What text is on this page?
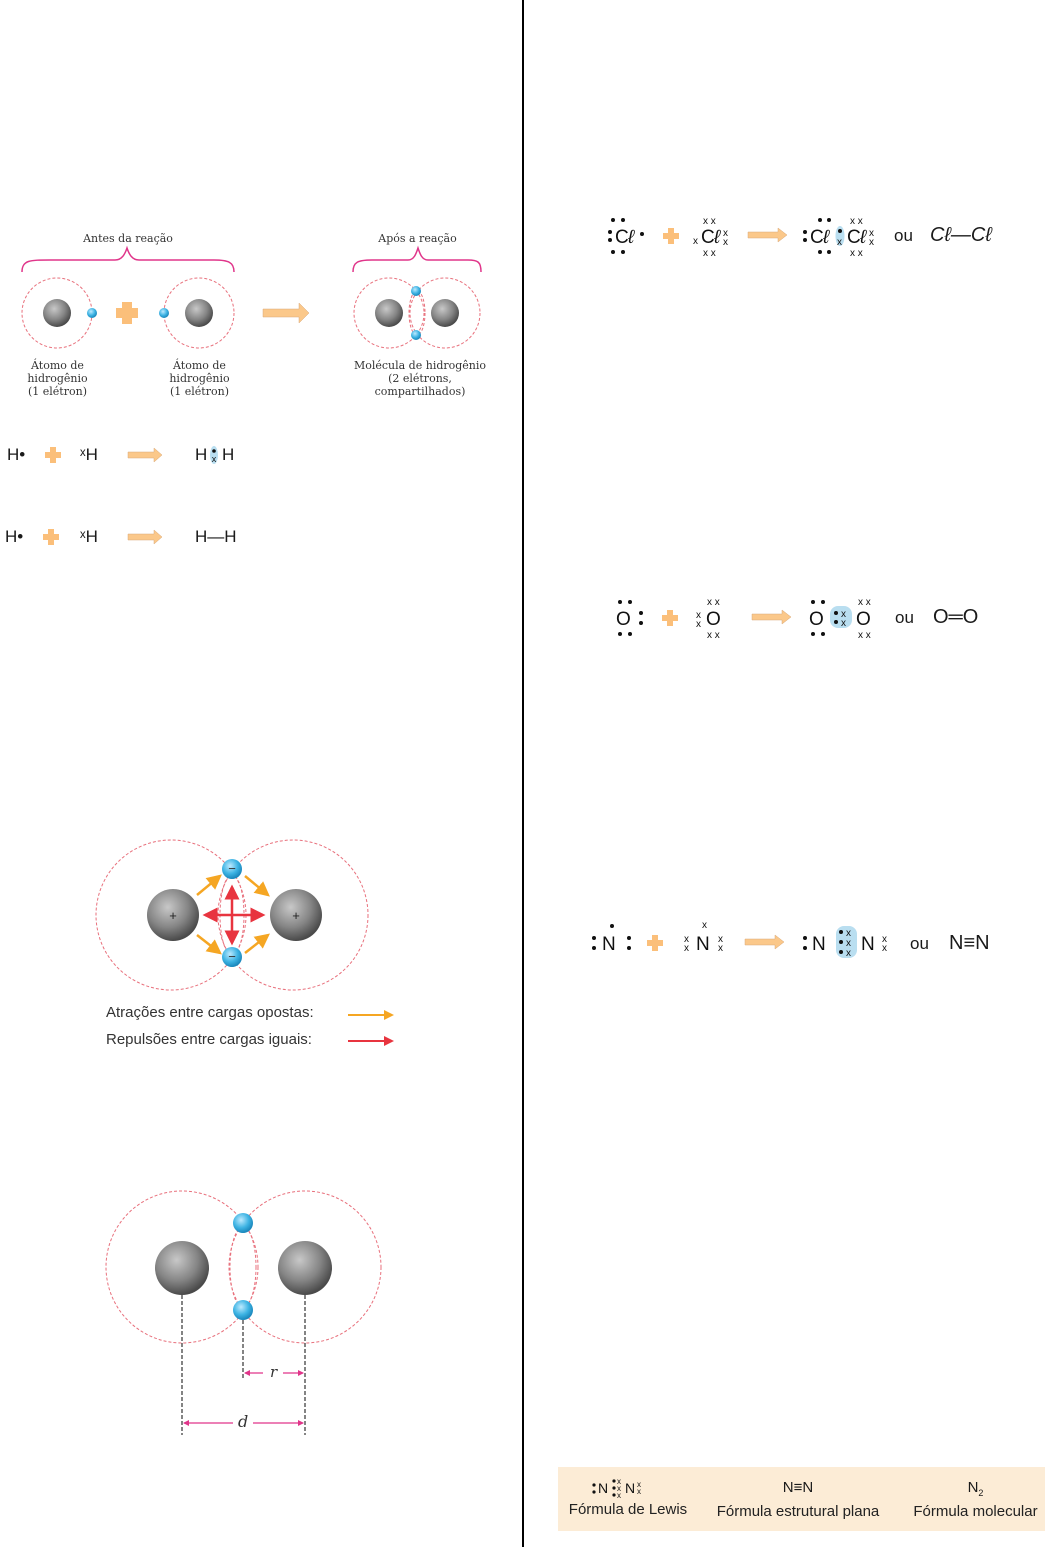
Antes da reação	Após a reação
Átomo de hidrogênio
(1 elétron)
Átomo de hidrogênio
(1 elétron)
Molécula de hidrogênio
(2 elétrons, compartilhados)
H•	ˣH	H x H
H•	ˣH	H—H
C ℓ
x x
x x
x C ℓ x
x	C ℓ x
x x
x x
C ℓ x
x ou Cℓ—Cℓ
O
x x
x x
x
x O	O x
x
x x
x x
O ou O═O
N
x
x
x N x
x	N
x
x
x N x
x ou N≡N
+	+
−
−
Atrações entre cargas opostas:
Repulsões entre cargas iguais:
r
d
N x
x
x N x
x
Fórmula de Lewis
N≡N
Fórmula estrutural plana
$N_2$
Fórmula molecular
